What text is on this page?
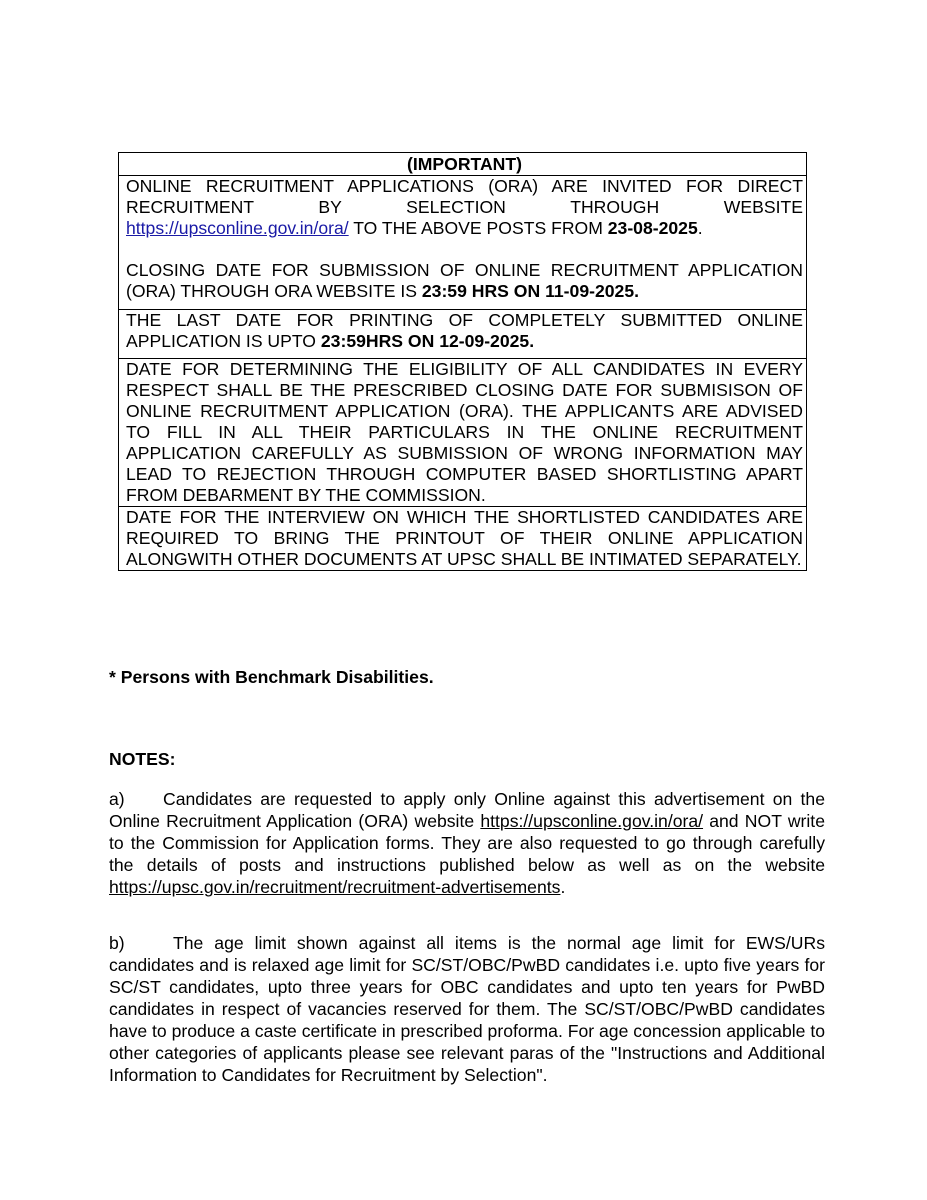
(IMPORTANT)

ONLINE RECRUITMENT APPLICATIONS (ORA) ARE INVITED FOR DIRECT
RECRUITMENT BY SELECTION THROUGH WEBSITE
https://upsconline.gov.in/ora/ TO THE ABOVE POSTS FROM 23-08-2025.
CLOSING DATE FOR SUBMISSION OF ONLINE RECRUITMENT APPLICATION (ORA) THROUGH ORA WEBSITE IS 23:59 HRS ON 11-09-2025.

THE LAST DATE FOR PRINTING OF COMPLETELY SUBMITTED ONLINE APPLICATION IS UPTO 23:59HRS ON 12-09-2025.
DATE FOR DETERMINING THE ELIGIBILITY OF ALL CANDIDATES IN EVERY RESPECT SHALL BE THE PRESCRIBED CLOSING DATE FOR SUBMISISON OF ONLINE RECRUITMENT APPLICATION (ORA). THE APPLICANTS ARE ADVISED TO FILL IN ALL THEIR PARTICULARS IN THE ONLINE RECRUITMENT APPLICATION CAREFULLY AS SUBMISSION OF WRONG INFORMATION MAY LEAD TO REJECTION THROUGH COMPUTER BASED SHORTLISTING APART FROM DEBARMENT BY THE COMMISSION.
DATE FOR THE INTERVIEW ON WHICH THE SHORTLISTED CANDIDATES ARE REQUIRED TO BRING THE PRINTOUT OF THEIR ONLINE APPLICATION ALONGWITH OTHER DOCUMENTS AT UPSC SHALL BE INTIMATED SEPARATELY.
* Persons with Benchmark Disabilities.
NOTES:
a) Candidates are requested to apply only Online against this advertisement on the Online Recruitment Application (ORA) website https://upsconline.gov.in/ora/ and NOT write to the Commission for Application forms. They are also requested to go through carefully the details of posts and instructions published below as well as on the website https://upsc.gov.in/recruitment/recruitment-advertisements.
b)	The age limit shown against all items is the normal age limit for EWS/URs candidates and is relaxed age limit for SC/ST/OBC/PwBD candidates i.e. upto five years for SC/ST candidates, upto three years for OBC candidates and upto ten years for PwBD candidates in respect of vacancies reserved for them. The SC/ST/OBC/PwBD candidates have to produce a caste certificate in prescribed proforma. For age concession applicable to other categories of applicants please see relevant paras of the "Instructions and Additional Information to Candidates for Recruitment by Selection".
